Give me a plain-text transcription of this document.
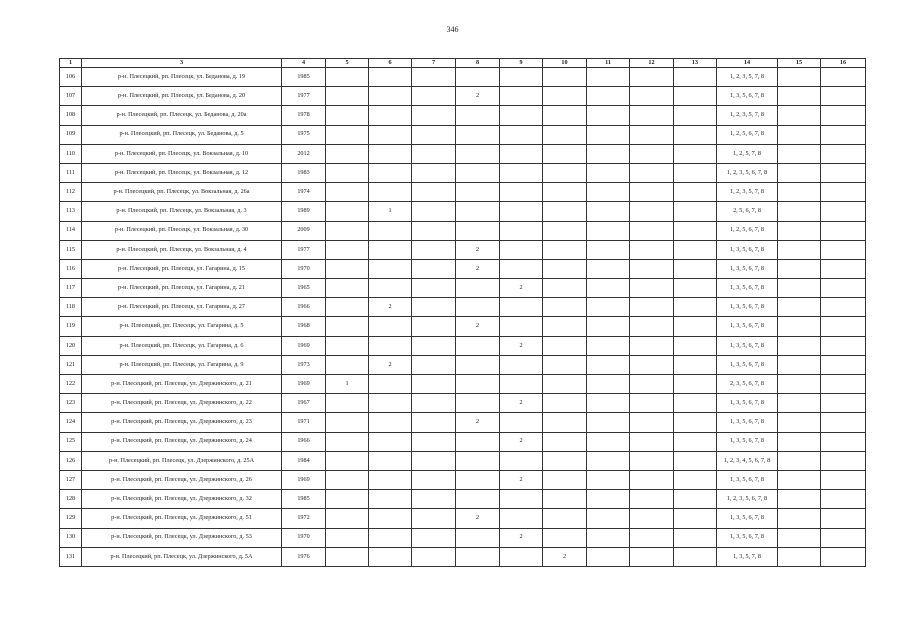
346
1	3	4	5	6	7	8	9	10	11	12	13	14	15	16
106	р-н. Плесецкий, рп. Плесецк, ул. Беданова, д. 19	1985										1, 2, 3, 5, 7, 8		
107	р-н. Плесецкий, рп. Плесецк, ул. Беданова, д. 20	1977				2						1, 3, 5, 6, 7, 8		
108	р-н. Плесецкий, рп. Плесецк, ул. Беданова, д. 20а	1978										1, 2, 3, 5, 7, 8		
109	р-н. Плесецкий, рп. Плесецк, ул. Беданова, д. 5	1975										1, 2, 5, 6, 7, 8		
110	р-н. Плесецкий, рп. Плесецк, ул. Вокзальная, д. 10	2012										1, 2, 5, 7, 8		
111	р-н. Плесецкий, рп. Плесецк, ул. Вокзальная, д. 12	1983										1, 2, 3, 5, 6, 7, 8		
112	р-н. Плесецкий, рп. Плесецк, ул. Вокзальная, д. 26а	1974										1, 2, 3, 5, 7, 8		
113	р-н. Плесецкий, рп. Плесецк, ул. Вокзальная, д. 3	1989		1								2, 5, 6, 7, 8		
114	р-н. Плесецкий, рп. Плесецк, ул. Вокзальная, д. 30	2009										1, 2, 5, 6, 7, 8		
115	р-н. Плесецкий, рп. Плесецк, ул. Вокзальная, д. 4	1977				2						1, 3, 5, 6, 7, 8		
116	р-н. Плесецкий, рп. Плесецк, ул. Гагарина, д. 15	1970				2						1, 3, 5, 6, 7, 8		
117	р-н. Плесецкий, рп. Плесецк, ул. Гагарина, д. 21	1965					2					1, 3, 5, 6, 7, 8		
118	р-н. Плесецкий, рп. Плесецк, ул. Гагарина, д. 27	1966		2								1, 3, 5, 6, 7, 8		
119	р-н. Плесецкий, рп. Плесецк, ул. Гагарина, д. 5	1968				2						1, 3, 5, 6, 7, 8		
120	р-н. Плесецкий, рп. Плесецк, ул. Гагарина, д. 6	1969					2					1, 3, 5, 6, 7, 8		
121	р-н. Плесецкий, рп. Плесецк, ул. Гагарина, д. 9	1973		2								1, 3, 5, 6, 7, 8		
122	р-н. Плесецкий, рп. Плесецк, ул. Дзержинского, д. 21	1969	1									2, 3, 5, 6, 7, 8		
123	р-н. Плесецкий, рп. Плесецк, ул. Дзержинского, д. 22	1967					2					1, 3, 5, 6, 7, 8		
124	р-н. Плесецкий, рп. Плесецк, ул. Дзержинского, д. 23	1971				2						1, 3, 5, 6, 7, 8		
125	р-н. Плесецкий, рп. Плесецк, ул. Дзержинского, д. 24	1966					2					1, 3, 5, 6, 7, 8		
126	р-н. Плесецкий, рп. Плесецк, ул. Дзержинского, д. 25А	1984										1, 2, 3, 4, 5, 6, 7, 8		
127	р-н. Плесецкий, рп. Плесецк, ул. Дзержинского, д. 26	1969					2					1, 3, 5, 6, 7, 8		
128	р-н. Плесецкий, рп. Плесецк, ул. Дзержинского, д. 32	1985										1, 2, 3, 5, 6, 7, 8		
129	р-н. Плесецкий, рп. Плесецк, ул. Дзержинского, д. 51	1972				2						1, 3, 5, 6, 7, 8		
130	р-н. Плесецкий, рп. Плесецк, ул. Дзержинского, д. 53	1970					2					1, 3, 5, 6, 7, 8		
131	р-н. Плесецкий, рп. Плесецк, ул. Дзержинского, д. 5А	1976						2				1, 3, 5, 7, 8		
